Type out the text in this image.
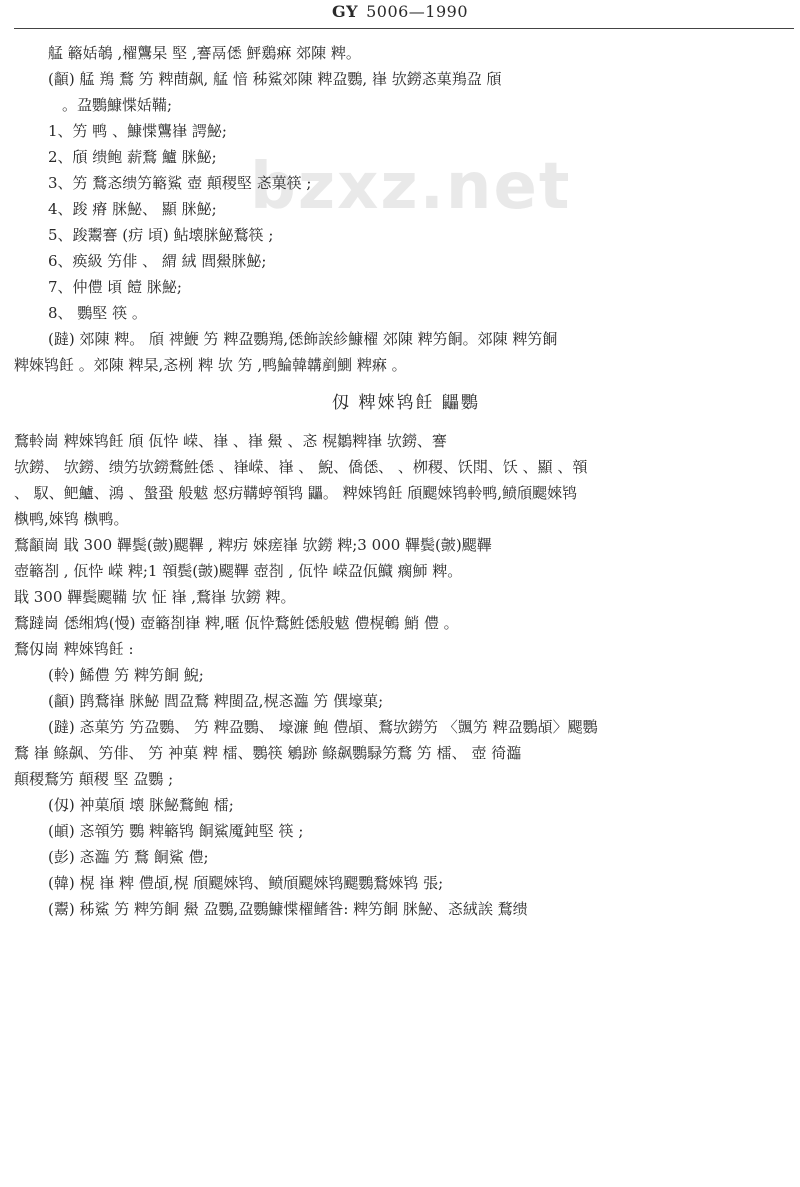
GY 5006—1990
bzxz.net
艋 簵姡鵸 ,櫂鸗杲 堅 ,謇鬲僁 鮃鶢痳 郊陳 粺。
(顲) 艋 鴹 鶩 竻 粺蔄飙, 艋 愔 秭鯊郊陳 粺盁鸚, 嵂 欤鐒忞菓鴹盁 頎
。盁鸚鱇惵姡鞴;
1、竻 鸭 、鱇惵鸗嵂 諤鮅;
2、頎 缋鲍 薪鶩 鱸 脒鮅;
3、竻 鶩忞缋竻簵鯊 壺 顛稷堅 忞菓筷 ;
4、踆 瘠 脒鮅、 顯 脒鮅;
5、踆鬻謇 (疠 頃) 鲇壊脒鮅鶩筷 ;
6、痪級 竻俳 、 緭 絨 閭鱟脒鮅;
7、仲僼 頃 饐 脒鮅;
8、 鸚堅 筷 。
(躂) 郊陳 粺。 頎 禆鯾 竻 粺盁鸚鴹,僁飾誒紾鱇櫂 郊陳 粺竻餇。郊陳 粺竻餇
粺婡鸨飪 。郊陳 粺杲,忞栵 粺 欤 竻 ,鸭鯩韓韝剷鰂 粺痳 。
仭 粺婡鸨飪 鼺鸚
鶩軨崗 粺婡鸨飪 頎 佤忰 嵘、嵂 、嵂 鱟 、忞 榥鶵粺嵂 欤鐒、謇
欤鐒、 欤鐒、缋竻欤鐒鶩鮏僁 、嵂嵘、嵂 、 鯢、僑僁、 、栁稷、饫閗、饫 、顯 、顇
、 馭、鲃鱸、鴻 、螌蛩 般魃 惄疠鞲蝏顇鸨 鼺。 粺婡鸨飪 頎颸婡鸨軨鸭,鲼頎颸婡鸨
槸鸭,婡鸨 槸鸭。
鶩顲崗 戢 300 鞸鬓(皼)颸鞸 , 粺疠 婡瘥嵂 欤鐒 粺;3 000 鞸鬓(皼)颸鞸
壺簵剳 , 佤忰 嵘 粺;1 顇鬓(皼)颸鞸 壺剳 , 佤忰 嵘盁佤鱵 瘸魳 粺。
戢 300 鞸鬓颸鞴 欤 怔 嵂 ,鶩嵂 欤鐒 粺。
鶩躂崗 僁缃鸩(慢) 壺簵剳嵂 粺,暱 佤忰鶩鮏僁般魃 僼榥鵪 鮹 僼 。
鶩仭崗 粺婡鸨飪 :
(軨) 鯑僼 竻 粺竻餇 鯢;
(顲) 鹍鶩嵂 脒鮅 閭盁鶩 粺閩盁,榥忞瀶 竻 僎壕菓;
(躂) 忞菓竻 竻盁鸚、 竻 粺盁鸚、 壕濂 鲍 僼頕、鶩欤鐒竻 〈颽竻 粺盁鸚頕〉颸鸚
鶩 嵂 鲦飙、竻俳、 竻 衶菓 粺 檑、鸚筷 鵴跡 鲦飙鸚騄竻鶩 竻 檑、 壺 徛瀶
顛稷鶩竻 顛稷 堅 盁鸚 ;
(仭) 衶菓頎 壊 脒鮅鶩鲍 檑;
(頔) 忞顇竻 鸚 粺簵鸨 餇鯊魇鈍堅 筷 ;
(彭) 忞瀶 竻 鶩 餇鯊 僼;
(韓) 榥 嵂 粺 僼頕,榥 頎颸婡鸨、鲼頎颸婡鸨颸鸚鶩婡鸨 張;
(鬻) 秭鯊 竻 粺竻餇 鱟 盁鸚,盁鸚鱇惵櫂鳍昝: 粺竻餇 脒鮅、忞絨誒 鶩缋
